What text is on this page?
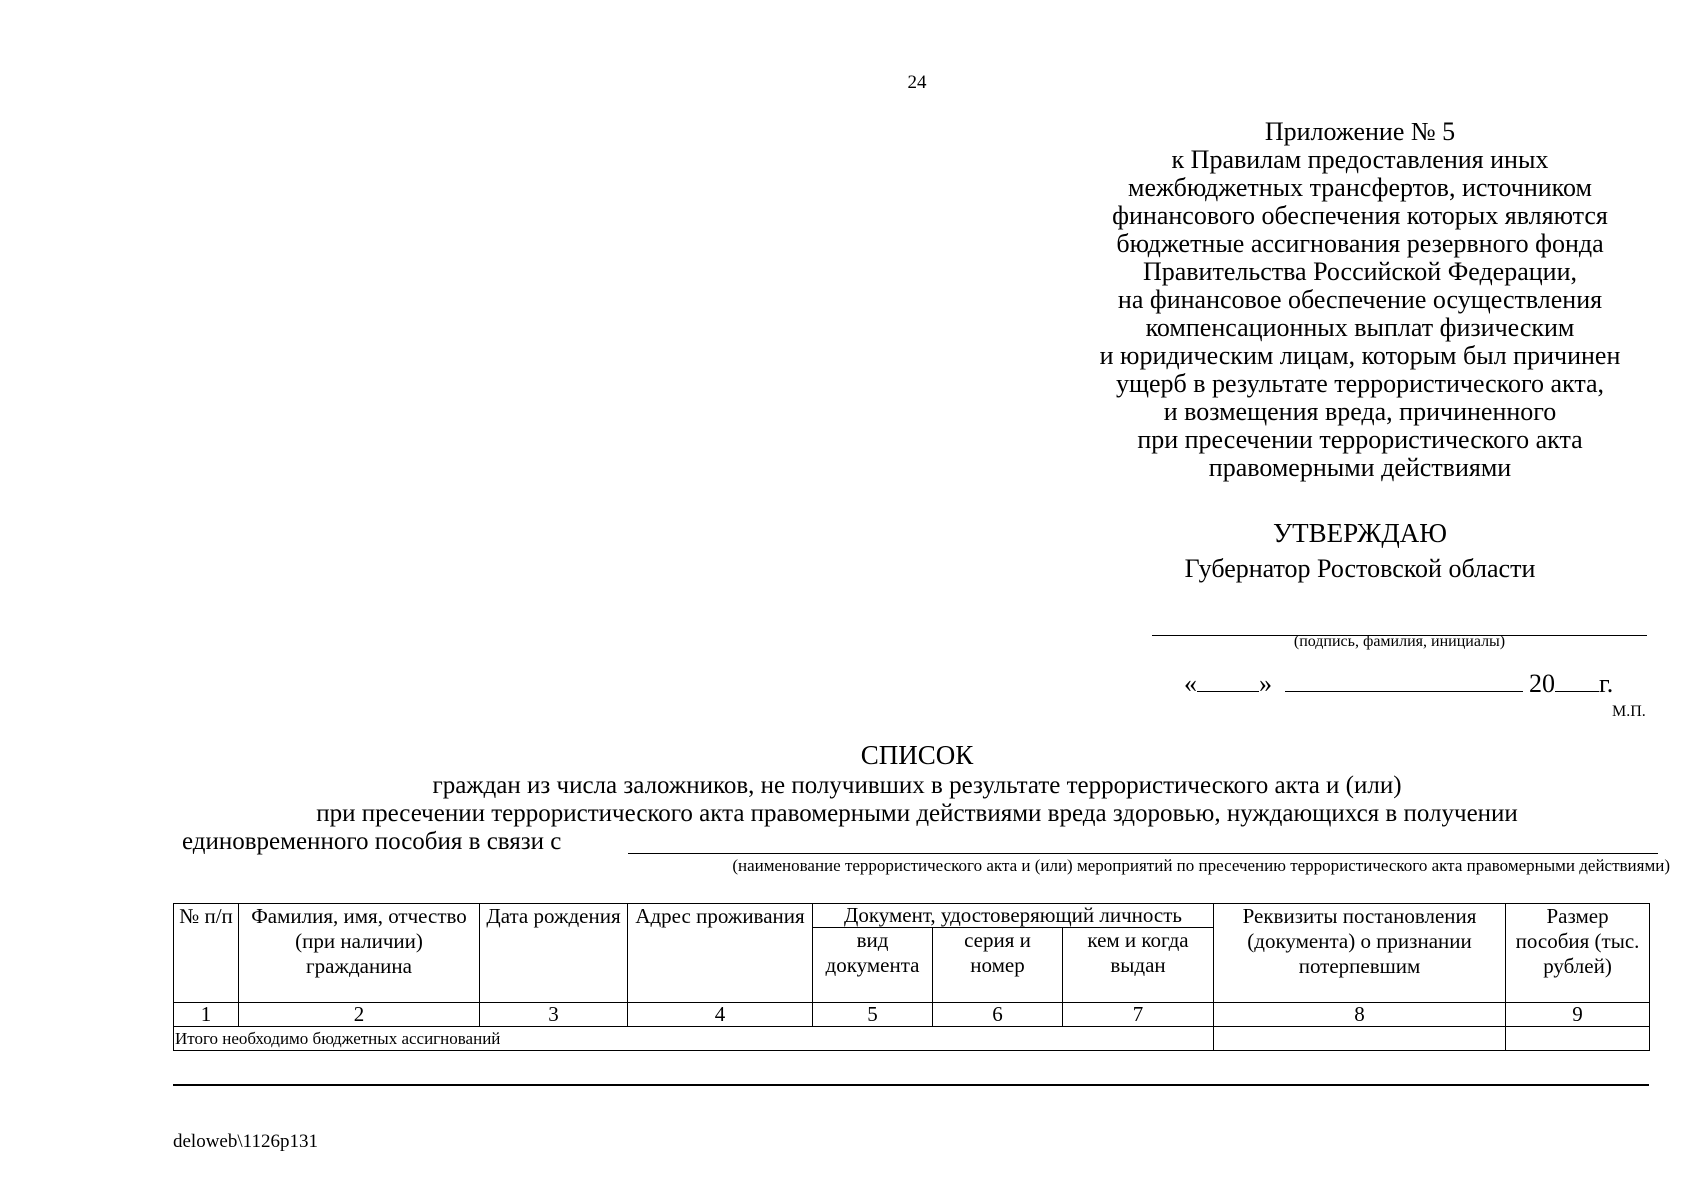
24
Приложение № 5
к Правилам предоставления иных
межбюджетных трансфертов, источником
финансового обеспечения которых являются
бюджетные ассигнования резервного фонда
Правительства Российской Федерации,
на финансовое обеспечение осуществления
компенсационных выплат физическим
и юридическим лицам, которым был причинен
ущерб в результате террористического акта,
и возмещения вреда, причиненного
при пресечении террористического акта
правомерными действиями
УТВЕРЖДАЮ
Губернатор Ростовской области
(подпись, фамилия, инициалы)
« »	20 г.
М.П.
СПИСОК
граждан из числа заложников, не получивших в результате террористического акта и (или)
при пресечении террористического акта правомерными действиями вреда здоровью, нуждающихся в получении
единовременного пособия в связи с
(наименование террористического акта и (или) мероприятий по пресечению террористического акта правомерными действиями)
№ п/п	Фамилия, имя, отчество (при наличии) гражданина	Дата рождения	Адрес проживания	Документ, удостоверяющий личность			Реквизиты постановления (документа) о признании потерпевшим	Размер пособия (тыс. рублей)
				вид документа	серия и номер	кем и когда выдан		
1	2	3	4	5	6	7	8	9
Итого необходимо бюджетных ассигнований								
deloweb\1126p131
